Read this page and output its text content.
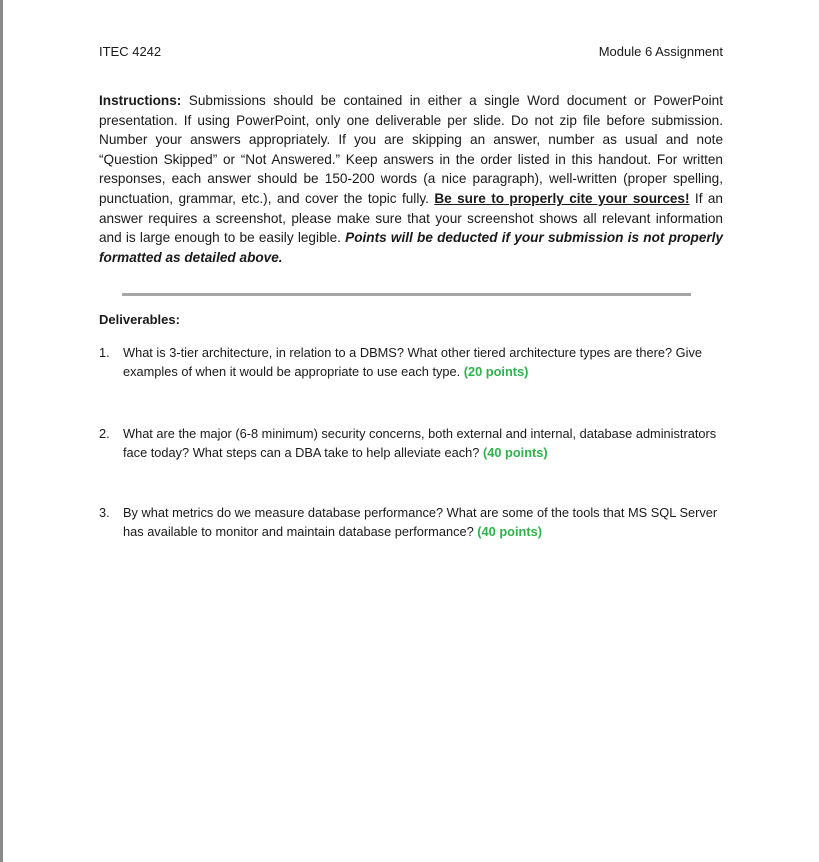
ITEC 4242	Module 6 Assignment
Instructions: Submissions should be contained in either a single Word document or PowerPoint presentation. If using PowerPoint, only one deliverable per slide. Do not zip file before submission. Number your answers appropriately. If you are skipping an answer, number as usual and note “Question Skipped” or “Not Answered.” Keep answers in the order listed in this handout. For written responses, each answer should be 150-200 words (a nice paragraph), well-written (proper spelling, punctuation, grammar, etc.), and cover the topic fully. Be sure to properly cite your sources! If an answer requires a screenshot, please make sure that your screenshot shows all relevant information and is large enough to be easily legible. Points will be deducted if your submission is not properly formatted as detailed above.
Deliverables:
1. What is 3-tier architecture, in relation to a DBMS? What other tiered architecture types are there? Give examples of when it would be appropriate to use each type. (20 points)
2. What are the major (6-8 minimum) security concerns, both external and internal, database administrators face today? What steps can a DBA take to help alleviate each? (40 points)
3. By what metrics do we measure database performance? What are some of the tools that MS SQL Server has available to monitor and maintain database performance? (40 points)
